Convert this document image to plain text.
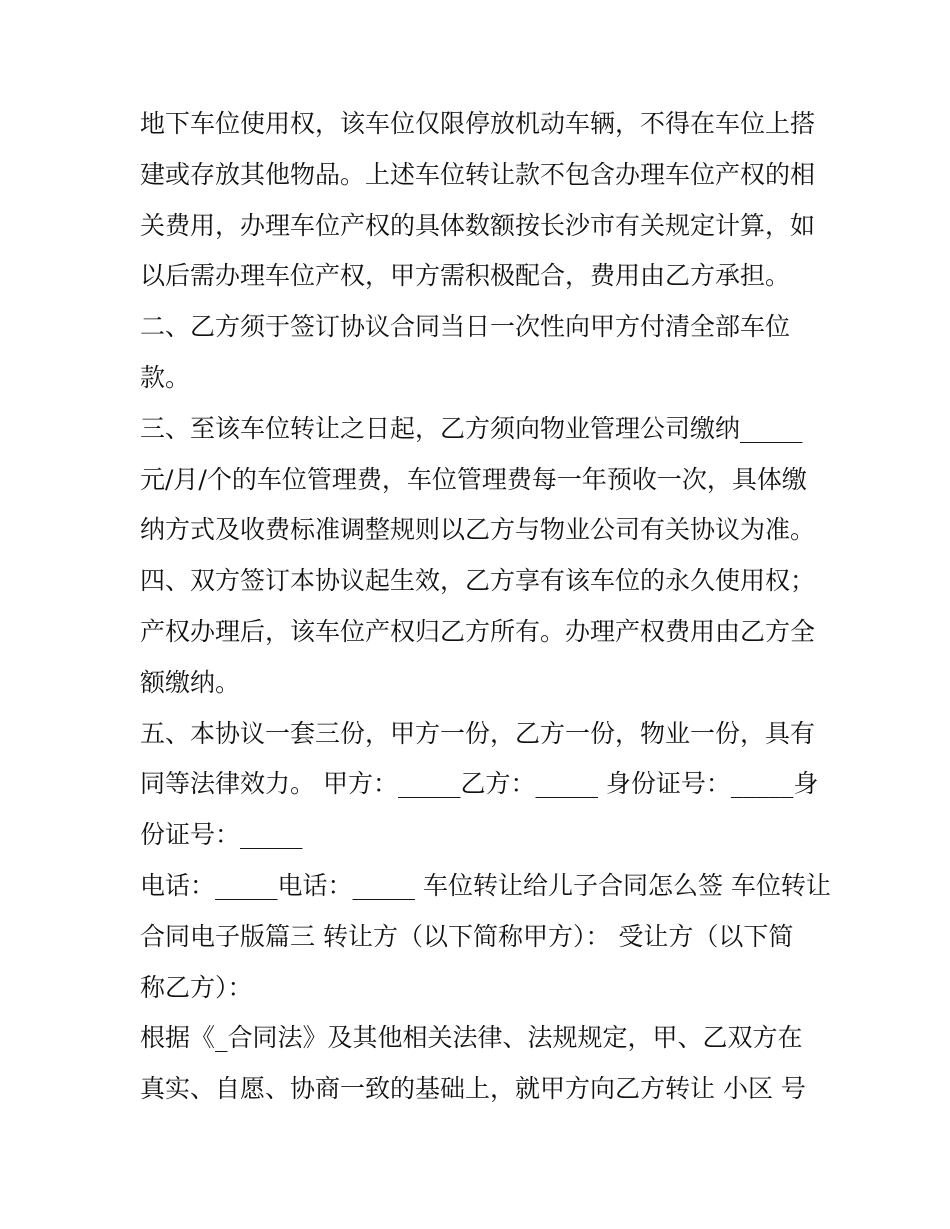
地下车位使用权，该车位仅限停放机动车辆，不得在车位上搭
建或存放其他物品。上述车位转让款不包含办理车位产权的相
关费用，办理车位产权的具体数额按长沙市有关规定计算，如
以后需办理车位产权，甲方需积极配合，费用由乙方承担。
二、乙方须于签订协议合同当日一次性向甲方付清全部车位
款。
三、至该车位转让之日起，乙方须向物业管理公司缴纳_____
元/月/个的车位管理费，车位管理费每一年预收一次，具体缴
纳方式及收费标准调整规则以乙方与物业公司有关协议为准。
四、双方签订本协议起生效，乙方享有该车位的永久使用权；
产权办理后，该车位产权归乙方所有。办理产权费用由乙方全
额缴纳。
五、本协议一套三份，甲方一份，乙方一份，物业一份，具有
同等法律效力。 甲方：_____乙方：_____ 身份证号：_____身
份证号：_____
电话：_____电话：_____ 车位转让给儿子合同怎么签 车位转让
合同电子版篇三 转让方（以下简称甲方）： 受让方（以下简
称乙方）：
根据《_合同法》及其他相关法律、法规规定，甲、乙双方在
真实、自愿、协商一致的基础上，就甲方向乙方转让 小区 号
